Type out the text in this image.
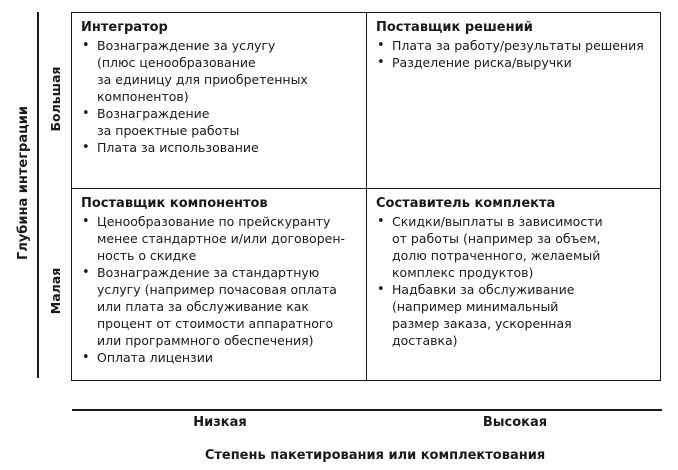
Глубина интеграции
Большая
Малая
Интегратор
• Вознаграждение за услугу
(плюс ценообразование
за единицу для приобретенных
компонентов)
• Вознаграждение
за проектные работы
• Плата за использование
Поставщик решений
• Плата за работу/результаты решения
• Разделение риска/выручки
Поставщик компонентов
• Ценообразование по прейскуранту
менее стандартное и/или договорен-
ность о скидке
• Вознаграждение за стандартную
услугу (например почасовая оплата
или плата за обслуживание как
процент от стоимости аппаратного
или программного обеспечения)
• Оплата лицензии
Составитель комплекта
• Скидки/выплаты в зависимости
от работы (например за объем,
долю потраченного, желаемый
комплекс продуктов)
• Надбавки за обслуживание
(например минимальный
размер заказа, ускоренная
доставка)
Низкая	Высокая
Степень пакетирования или комплектования
